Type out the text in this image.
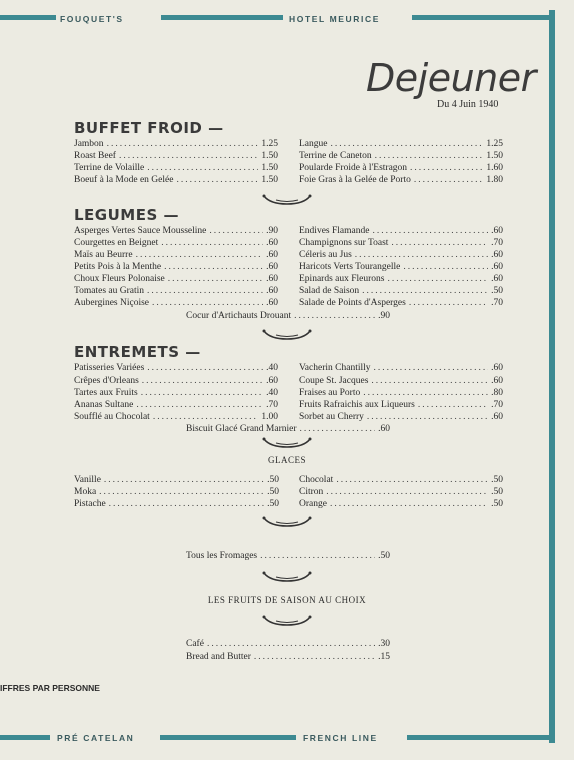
FOUQUET'S	HOTEL MEURICE
PRÉ CATELAN	FRENCH LINE
Dejeuner
Du 4 Juin 1940
BUFFET FROID —
Jambon .....	1.25
Roast Beef .....	1.50
Terrine de Volaille .....	1.50
Boeuf à la Mode en Gelée .....	1.50
Langue .....	1.25
Terrine de Caneton .....	1.50
Poularde Froide à l'Estragon .....	1.60
Foie Gras à la Gelée de Porto .....	1.80
LEGUMES —
Asperges Vertes Sauce Mousseline .....	.90
Courgettes en Beignet .....	.60
Maïs au Beurre .....	.60
Petits Pois à la Menthe .....	.60
Choux Fleurs Polonaise .....	.60
Tomates au Gratin .....	.60
Aubergines Niçoise .....	.60
Endives Flamande .....	.60
Champignons sur Toast .....	.70
Céleris au Jus .....	.60
Haricots Verts Tourangelle .....	.60
Epinards aux Fleurons .....	.60
Salad de Saison .....	.50
Salade de Points d'Asperges .....	.70
Cocur d'Artichauts Drouant .....	.90
ENTREMETS —
Patisseries Variées .....	.40
Crêpes d'Orleans .....	.60
Tartes aux Fruits .....	.40
Ananas Sultane .....	.70
Soufflé au Chocolat .....	1.00
Vacherin Chantilly .....	.60
Coupe St. Jacques .....	.60
Fraises au Porto .....	.80
Fruits Rafraichis aux Liqueurs .....	.70
Sorbet au Cherry .....	.60
Biscuit Glacé Grand Marnier .....	.60
GLACES
Vanille .....	.50
Moka .....	.50
Pistache .....	.50
Chocolat .....	.50
Citron .....	.50
Orange .....	.50
Tous les Fromages .....	.50
LES FRUITS DE SAISON AU CHOIX
Café .....	.30
Bread and Butter .....	.15
IFFRES PAR PERSONNE
